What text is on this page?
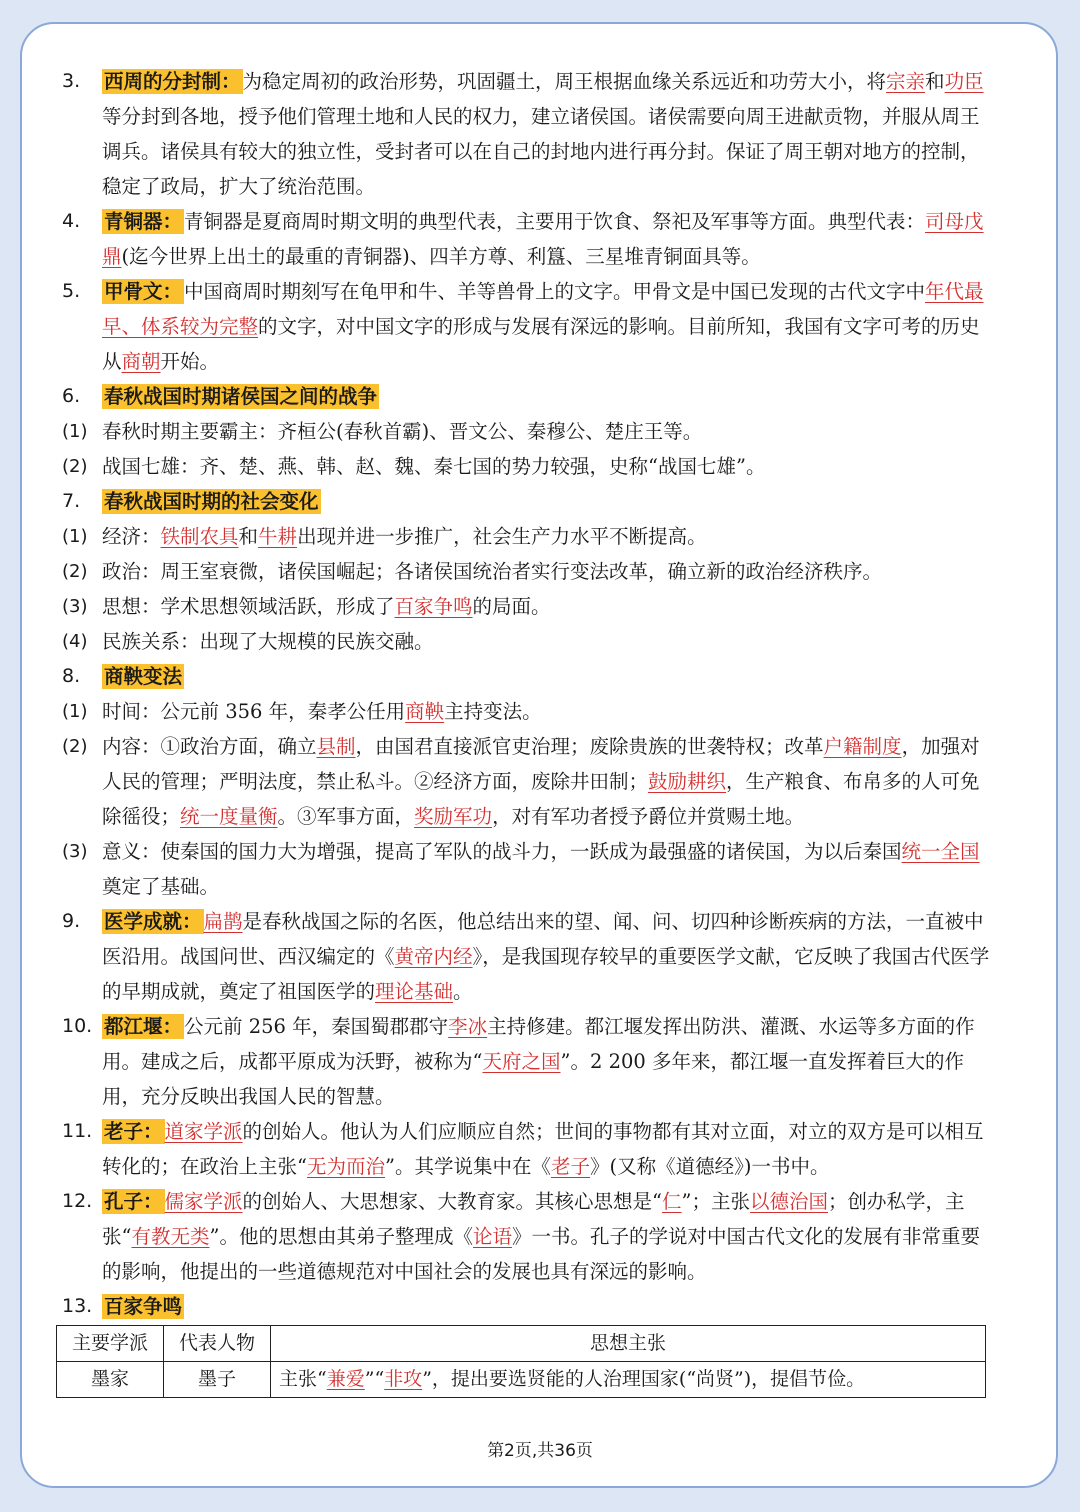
3. 西周的分封制： 为稳定周初的政治形势，巩固疆土，周王根据血缘关系远近和功劳大小，将宗亲和功臣等分封到各地，授予他们管理土地和人民的权力，建立诸侯国。诸侯需要向周王进献贡物，并服从周王调兵。诸侯具有较大的独立性，受封者可以在自己的封地内进行再分封。保证了周王朝对地方的控制，稳定了政局，扩大了统治范围。
4. 青铜器： 青铜器是夏商周时期文明的典型代表，主要用于饮食、祭祀及军事等方面。典型代表：司母戊鼎(迄今世界上出土的最重的青铜器)、四羊方尊、利簋、三星堆青铜面具等。
5. 甲骨文： 中国商周时期刻写在龟甲和牛、羊等兽骨上的文字。甲骨文是中国已发现的古代文字中年代最早、体系较为完整的文字，对中国文字的形成与发展有深远的影响。目前所知，我国有文字可考的历史从商朝开始。
6. 春秋战国时期诸侯国之间的战争
(1) 春秋时期主要霸主：齐桓公(春秋首霸)、晋文公、秦穆公、楚庄王等。
(2) 战国七雄：齐、楚、燕、韩、赵、魏、秦七国的势力较强，史称“战国七雄”。
7. 春秋战国时期的社会变化
(1) 经济：铁制农具和牛耕出现并进一步推广，社会生产力水平不断提高。
(2) 政治：周王室衰微，诸侯国崛起；各诸侯国统治者实行变法改革，确立新的政治经济秩序。
(3) 思想：学术思想领域活跃，形成了百家争鸣的局面。
(4) 民族关系：出现了大规模的民族交融。
8. 商鞅变法
(1) 时间：公元前 356 年，秦孝公任用商鞅主持变法。
(2) 内容：①政治方面，确立县制，由国君直接派官吏治理；废除贵族的世袭特权；改革户籍制度，加强对人民的管理；严明法度，禁止私斗。②经济方面，废除井田制；鼓励耕织，生产粮食、布帛多的人可免除徭役；统一度量衡。③军事方面，奖励军功，对有军功者授予爵位并赏赐土地。
(3) 意义：使秦国的国力大为增强，提高了军队的战斗力，一跃成为最强盛的诸侯国，为以后秦国统一全国奠定了基础。
9. 医学成就： 扁鹊是春秋战国之际的名医，他总结出来的望、闻、问、切四种诊断疾病的方法，一直被中医沿用。战国问世、西汉编定的《黄帝内经》，是我国现存较早的重要医学文献，它反映了我国古代医学的早期成就，奠定了祖国医学的理论基础。
10. 都江堰： 公元前 256 年，秦国蜀郡郡守李冰主持修建。都江堰发挥出防洪、灌溉、水运等多方面的作用。建成之后，成都平原成为沃野，被称为“天府之国”。2 200 多年来，都江堰一直发挥着巨大的作用，充分反映出我国人民的智慧。
11. 老子： 道家学派的创始人。他认为人们应顺应自然；世间的事物都有其对立面，对立的双方是可以相互转化的；在政治上主张“无为而治”。其学说集中在《老子》(又称《道德经》)一书中。
12. 孔子： 儒家学派的创始人、大思想家、大教育家。其核心思想是“仁”；主张以德治国；创办私学，主张“有教无类”。他的思想由其弟子整理成《论语》一书。孔子的学说对中国古代文化的发展有非常重要的影响，他提出的一些道德规范对中国社会的发展也具有深远的影响。
13. 百家争鸣
主要学派	代表人物	思想主张
墨家	墨子	主张“兼爱”“非攻”，提出要选贤能的人治理国家(“尚贤”)，提倡节俭。
第2页,共36页
